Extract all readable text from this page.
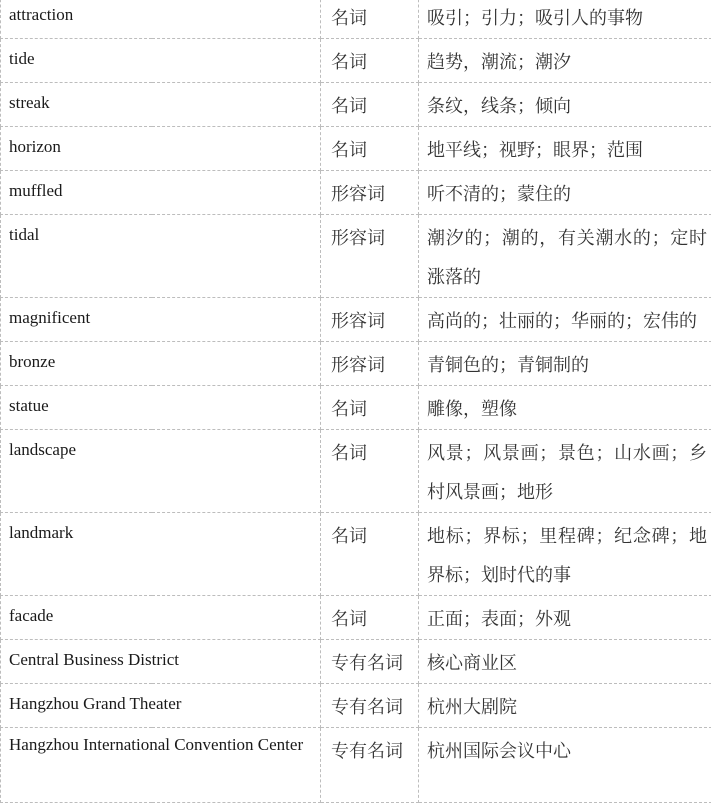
attraction	名词	吸引；引力；吸引人的事物
tide	名词	趋势，潮流；潮汐
streak	名词	条纹，线条；倾向
horizon	名词	地平线；视野；眼界；范围
muffled	形容词	听不清的；蒙住的
tidal	形容词	潮汐的；潮的，有关潮水的；定时涨落的
magnificent	形容词	高尚的；壮丽的；华丽的；宏伟的
bronze	形容词	青铜色的；青铜制的
statue	名词	雕像，塑像
landscape	名词	风景；风景画；景色；山水画；乡村风景画；地形
landmark	名词	地标；界标；里程碑；纪念碑；地界标；划时代的事
facade	名词	正面；表面；外观
Central Business District	专有名词	核心商业区
Hangzhou Grand Theater	专有名词	杭州大剧院
Hangzhou International Convention Center	专有名词	杭州国际会议中心
